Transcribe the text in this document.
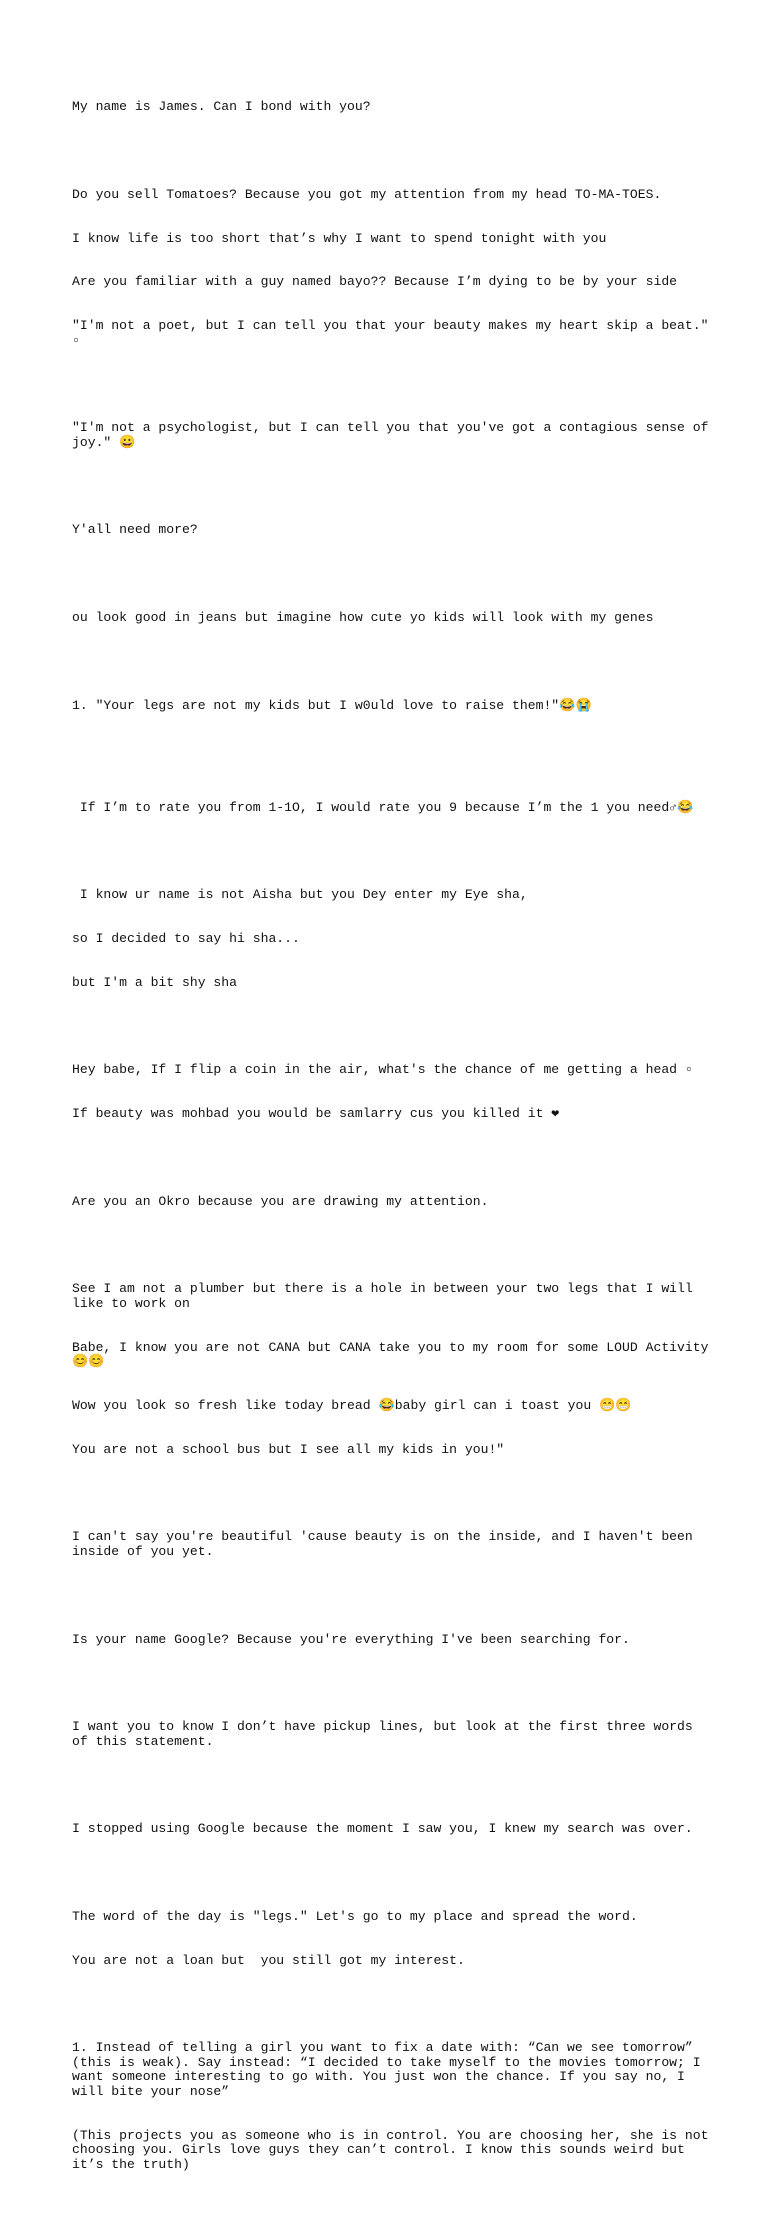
My name is James. Can I bond with you?

Do you sell Tomatoes? Because you got my attention from my head TO-MA-TOES.

I know life is too short that’s why I want to spend tonight with you

Are you familiar with a guy named bayo?? Because I’m dying to be by your side

"I'm not a poet, but I can tell you that your beauty makes my heart skip a beat." ▫

"I'm not a psychologist, but I can tell you that you've got a contagious sense of joy." 😀

Y'all need more?

ou look good in jeans but imagine how cute yo kids will look with my genes

1. "Your legs are not my kids but I w0uld love to raise them!"😂😭

If I’m to rate you from 1-1O, I would rate you 9 because I’m the 1 you need♂😂

I know ur name is not Aisha but you Dey enter my Eye sha,

so I decided to say hi sha...

but I'm a bit shy sha

Hey babe, If I flip a coin in the air, what's the chance of me getting a head ▫

If beauty was mohbad you would be samlarry cus you killed it ❤

Are you an Okro because you are drawing my attention.

See I am not a plumber but there is a hole in between your two legs that I will like to work on

Babe, I know you are not CANA but CANA take you to my room for some LOUD Activity 😊😊

Wow you look so fresh like today bread 😂baby girl can i toast you 😁😁

You are not a school bus but I see all my kids in you!"

I can't say you're beautiful 'cause beauty is on the inside, and I haven't been inside of you yet.

Is your name Google? Because you're everything I've been searching for.

I want you to know I don’t have pickup lines, but look at the first three words of this statement.

I stopped using Google because the moment I saw you, I knew my search was over.

The word of the day is "legs." Let's go to my place and spread the word.

You are not a loan but  you still got my interest.

1. Instead of telling a girl you want to fix a date with: “Can we see tomorrow” (this is weak). Say instead: “I decided to take myself to the movies tomorrow; I want someone interesting to go with. You just won the chance. If you say no, I will bite your nose”

(This projects you as someone who is in control. You are choosing her, she is not choosing you. Girls love guys they can’t control. I know this sounds weird but it’s the truth)
